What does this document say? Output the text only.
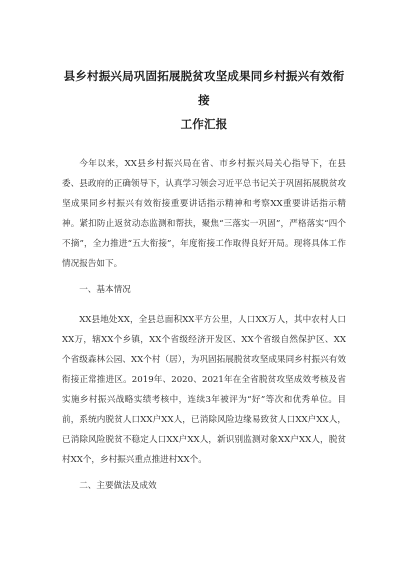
县乡村振兴局巩固拓展脱贫攻坚成果同乡村振兴有效衔接
工作汇报

今年以来，XX县乡村振兴局在省、市乡村振兴局关心指导下，在县委、县政府的正确领导下，认真学习领会习近平总书记关于巩固拓展脱贫攻坚成果同乡村振兴有效衔接重要讲话指示精神和考察XX重要讲话指示精神。紧扣防止返贫动态监测和帮扶，聚焦“三落实一巩固”，严格落实“四个不摘”，全力推进“五大衔接”，年度衔接工作取得良好开局。现将具体工作情况报告如下。

一、基本情况

XX县地处XX，全县总面积XX平方公里，人口XX万人，其中农村人口XX万，辖XX个乡镇，XX个省级经济开发区、XX个省级自然保护区、XX个省级森林公园、XX个村（居），为巩固拓展脱贫攻坚成果同乡村振兴有效衔接正常推进区。2019年、2020、2021年在全省脱贫攻坚成效考核及省实施乡村振兴战略实绩考核中，连续3年被评为“好”等次和优秀单位。目前，系统内脱贫人口XX户XX人，已消除风险边缘易致贫人口XX户XX人，已消除风险脱贫不稳定人口XX户XX人，新识别监测对象XX户XX人，脱贫村XX个，乡村振兴重点推进村XX个。

二、主要做法及成效
